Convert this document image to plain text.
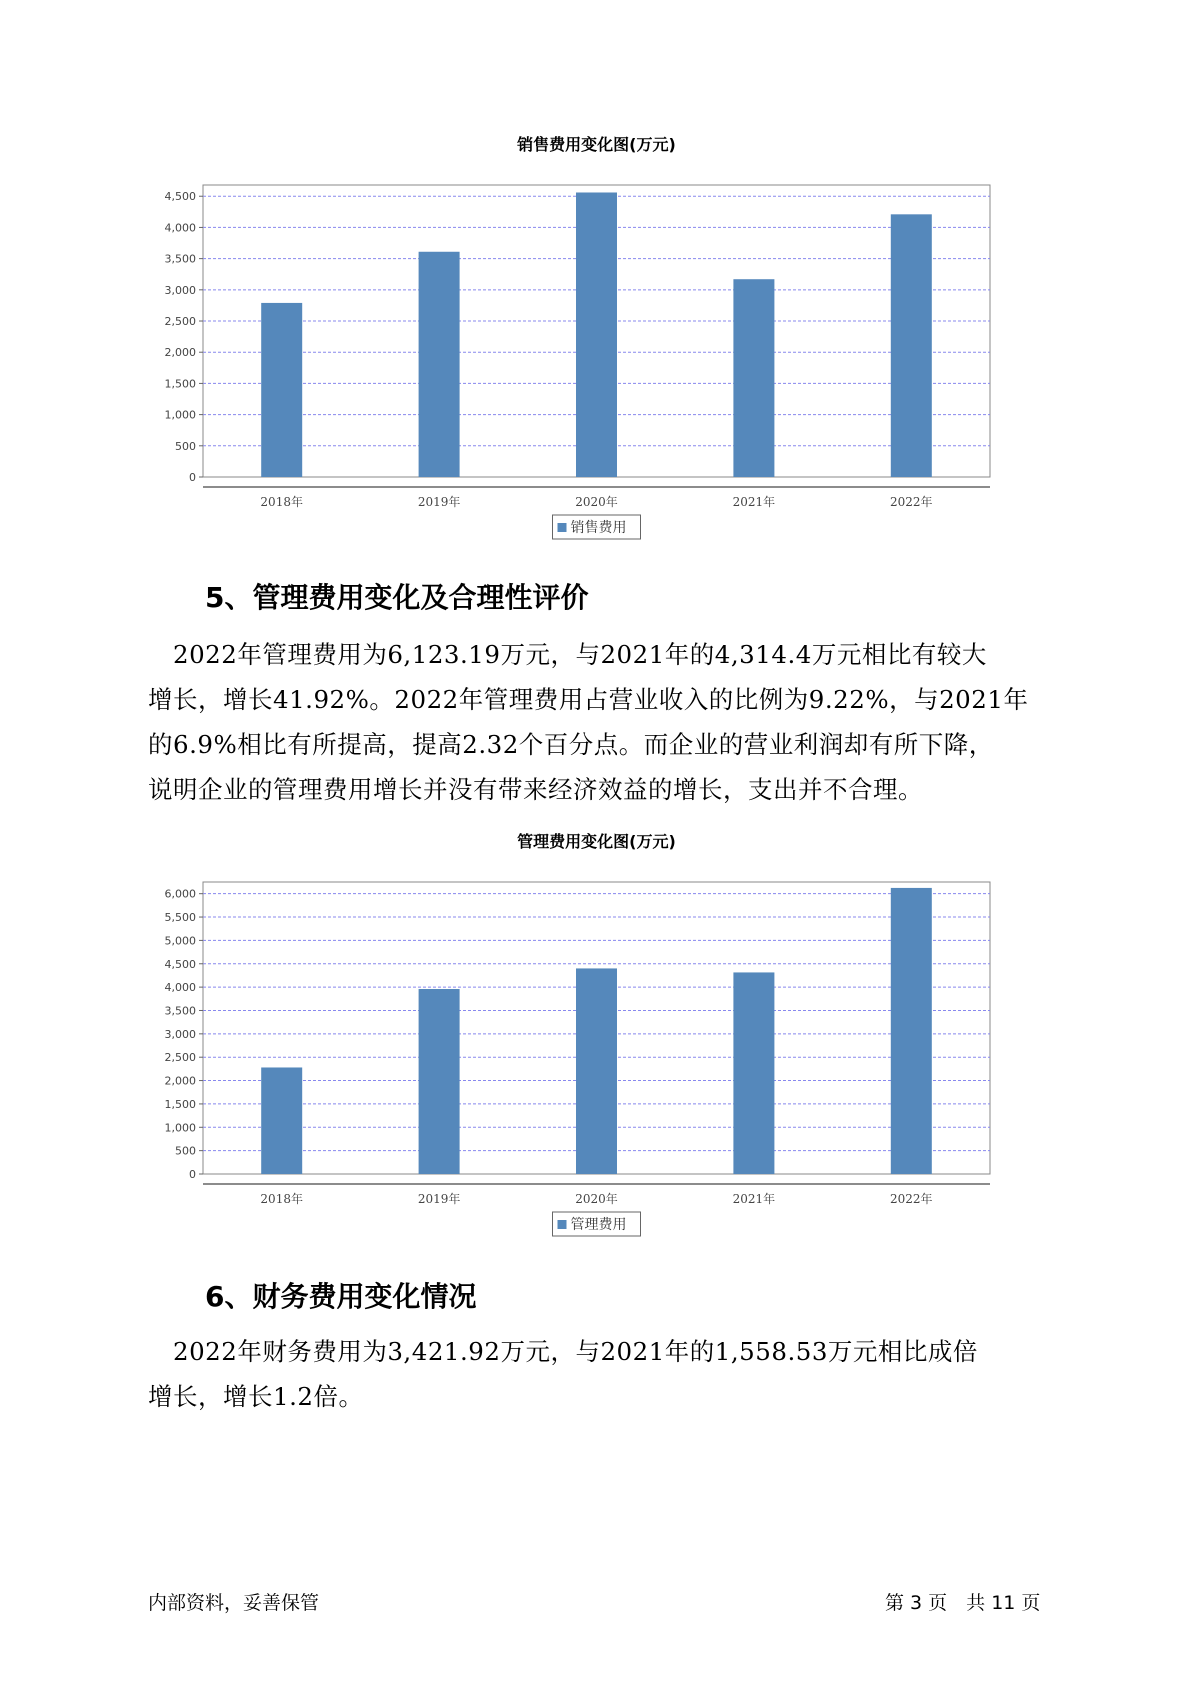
销售费用变化图(万元)
0
500
1,000
1,500
2,000
2,500
3,000
3,500
4,000
4,500
2018年	2019年	2020年	2021年	2022年
销售费用
5、管理费用变化及合理性评价

　2022年管理费用为6,123.19万元，与2021年的4,314.4万元相比有较大

增长，增长41.92%。2022年管理费用占营业收入的比例为9.22%，与2021年

的6.9%相比有所提高，提高2.32个百分点。而企业的营业利润却有所下降，

说明企业的管理费用增长并没有带来经济效益的增长，支出并不合理。

管理费用变化图(万元)
0
500
1,000
1,500
2,000
2,500
3,000
3,500
4,000
4,500
5,000
5,500
6,000
2018年	2019年	2020年	2021年	2022年
管理费用
6、财务费用变化情况

　2022年财务费用为3,421.92万元，与2021年的1,558.53万元相比成倍

增长，增长1.2倍。

内部资料，妥善保管	第 3 页　共 11 页
